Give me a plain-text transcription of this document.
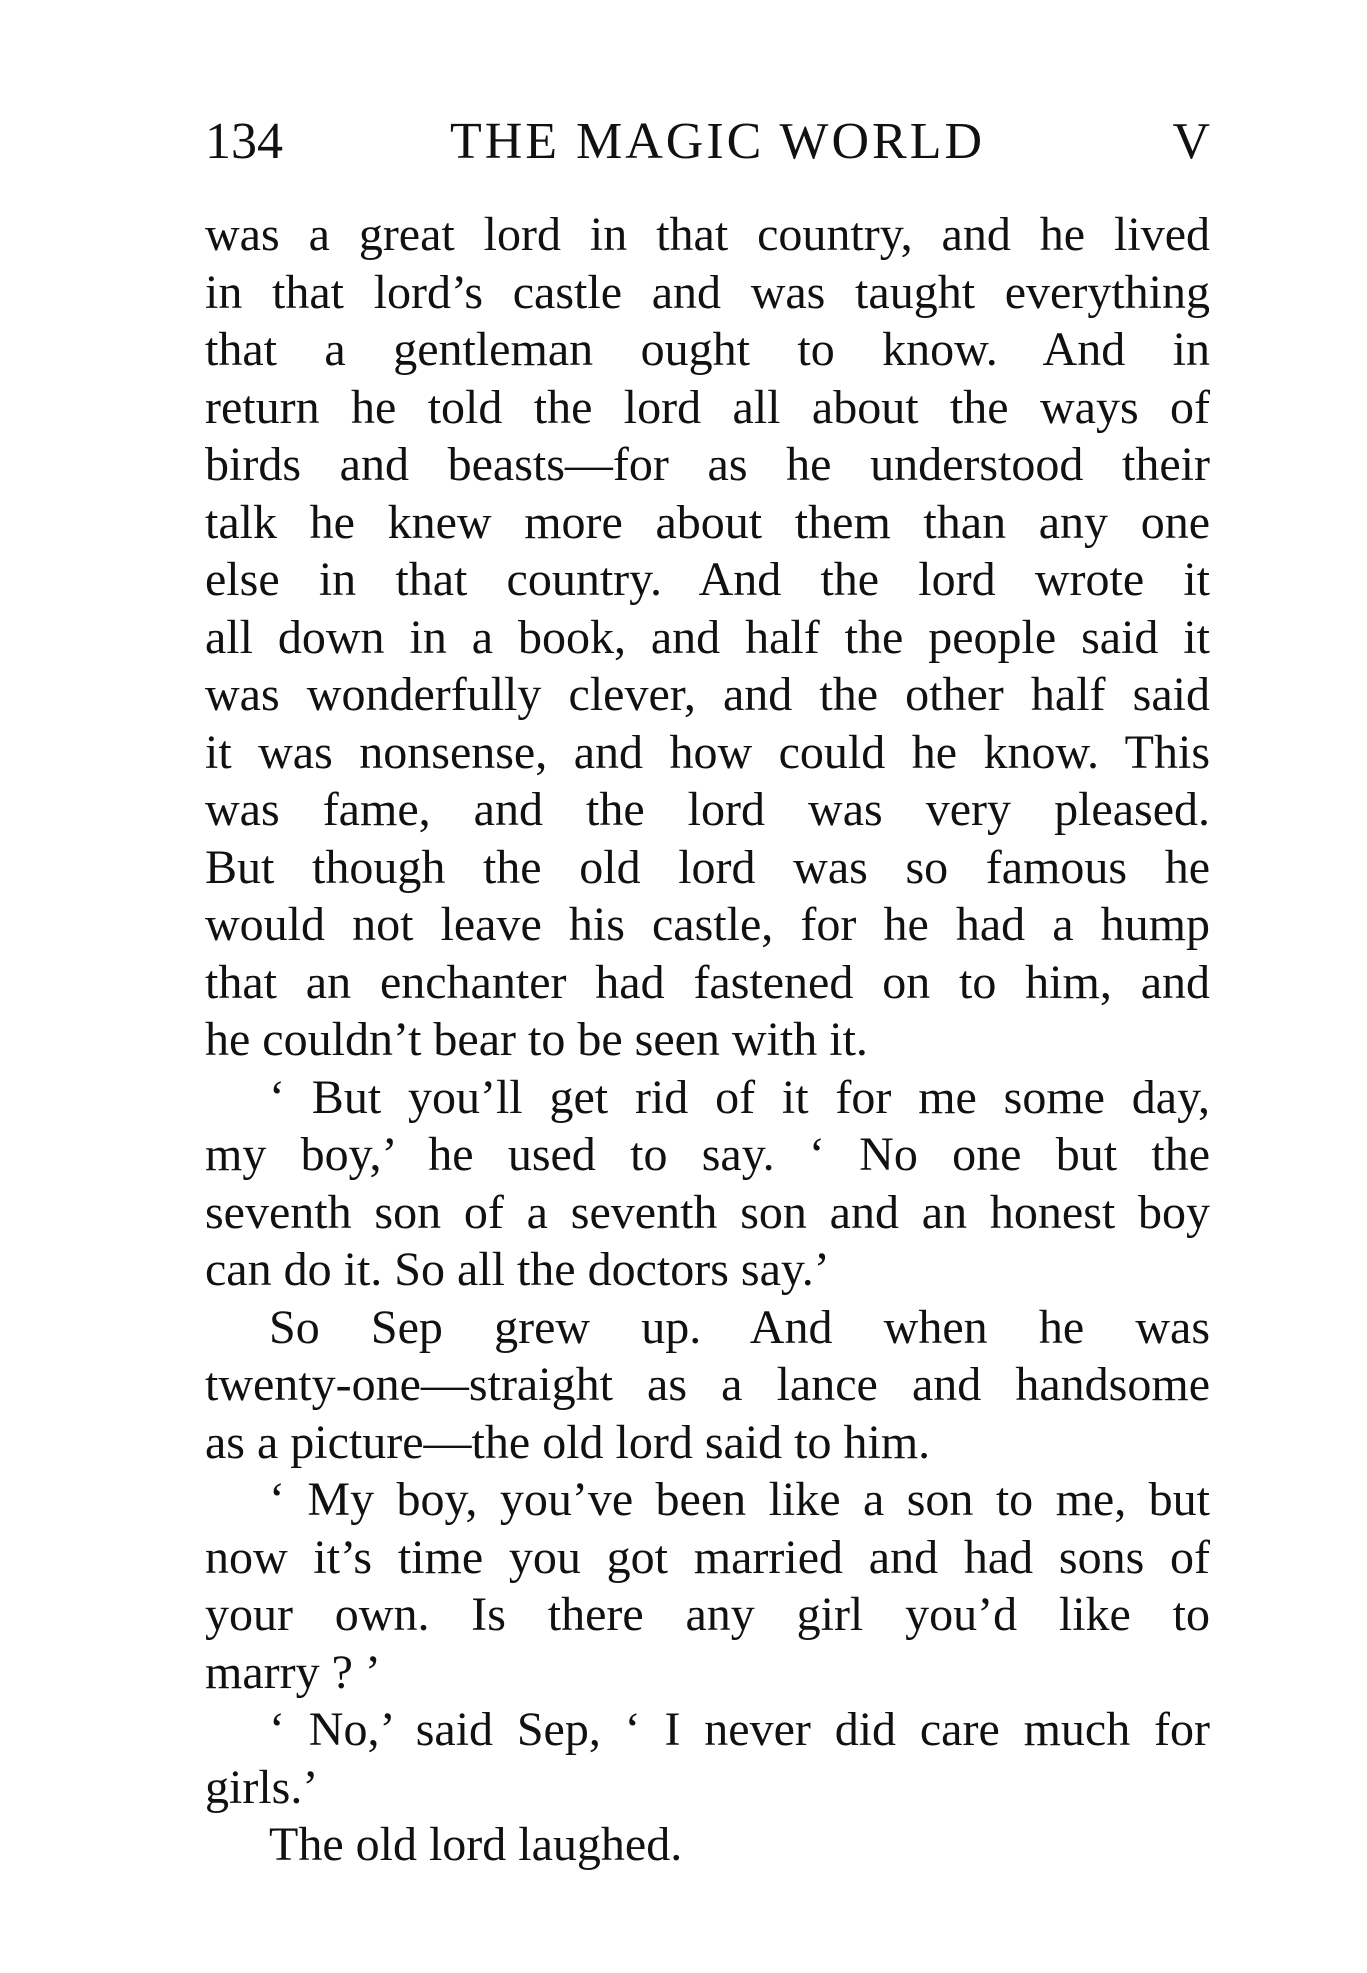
134	THE MAGIC WORLD	V
was a great lord in that country, and he lived
in that lord’s castle and was taught everything
that a gentleman ought to know. And in
return he told the lord all about the ways of
birds and beasts—for as he understood their
talk he knew more about them than any one
else in that country. And the lord wrote it
all down in a book, and half the people said it
was wonderfully clever, and the other half said
it was nonsense, and how could he know. This
was fame, and the lord was very pleased.
But though the old lord was so famous he
would not leave his castle, for he had a hump
that an enchanter had fastened on to him, and
he couldn’t bear to be seen with it.
‘ But you’ll get rid of it for me some day,
my boy,’ he used to say. ‘ No one but the
seventh son of a seventh son and an honest boy
can do it. So all the doctors say.’
So Sep grew up. And when he was
twenty-one—straight as a lance and handsome
as a picture—the old lord said to him.
‘ My boy, you’ve been like a son to me, but
now it’s time you got married and had sons of
your own. Is there any girl you’d like to
marry ? ’
‘ No,’ said Sep, ‘ I never did care much for
girls.’
The old lord laughed.
